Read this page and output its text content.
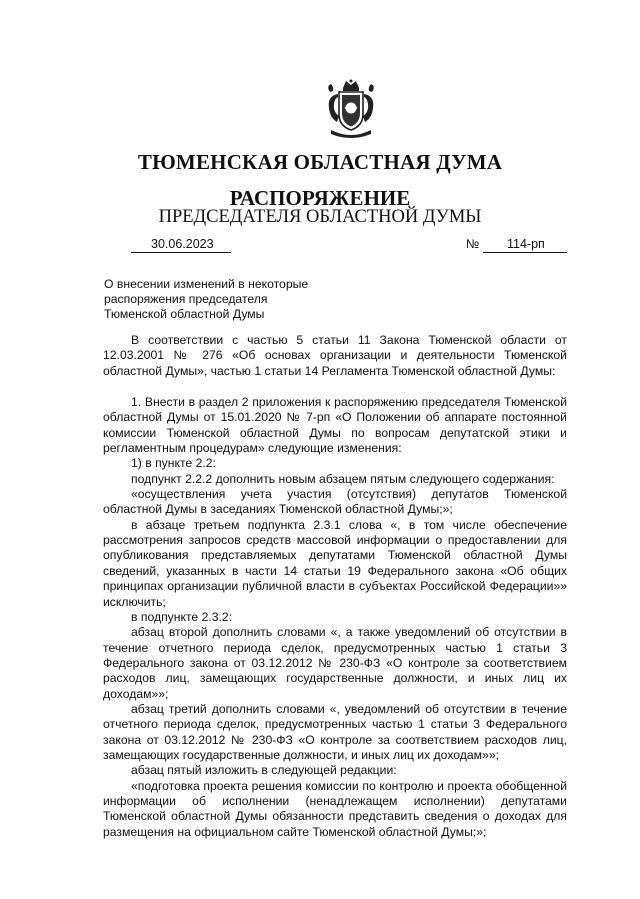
ТЮМЕНСКАЯ ОБЛАСТНАЯ ДУМА
РАСПОРЯЖЕНИЕ
ПРЕДСЕДАТЕЛЯ ОБЛАСТНОЙ ДУМЫ
30.06.2023	№	114-рп
О внесении изменений в некоторые
распоряжения председателя
Тюменской областной Думы
В соответствии с частью 5 статьи 11 Закона Тюменской области от 12.03.2001 № 276 «Об основах организации и деятельности Тюменской областной Думы», частью 1 статьи 14 Регламента Тюменской областной Думы:
1. Внести в раздел 2 приложения к распоряжению председателя Тюменской областной Думы от 15.01.2020 № 7-рп «О Положении об аппарате постоянной комиссии Тюменской областной Думы по вопросам депутатской этики и регламентным процедурам» следующие изменения:
1) в пункте 2.2:
подпункт 2.2.2 дополнить новым абзацем пятым следующего содержания:
«осуществления учета участия (отсутствия) депутатов Тюменской областной Думы в заседаниях Тюменской областной Думы;»;
в абзаце третьем подпункта 2.3.1 слова «, в том числе обеспечение рассмотрения запросов средств массовой информации о предоставлении для опубликования представляемых депутатами Тюменской областной Думы сведений, указанных в части 14 статьи 19 Федерального закона «Об общих принципах организации публичной власти в субъектах Российской Федерации»» исключить;
в подпункте 2.3.2:
абзац второй дополнить словами «, а также уведомлений об отсутствии в течение отчетного периода сделок, предусмотренных частью 1 статьи 3 Федерального закона от 03.12.2012 № 230-ФЗ «О контроле за соответствием расходов лиц, замещающих государственные должности, и иных лиц их доходам»»;
абзац третий дополнить словами «, уведомлений об отсутствии в течение отчетного периода сделок, предусмотренных частью 1 статьи 3 Федерального закона от 03.12.2012 № 230-ФЗ «О контроле за соответствием расходов лиц, замещающих государственные должности, и иных лиц их доходам»»;
абзац пятый изложить в следующей редакции:
«подготовка проекта решения комиссии по контролю и проекта обобщенной информации об исполнении (ненадлежащем исполнении) депутатами Тюменской областной Думы обязанности представить сведения о доходах для размещения на официальном сайте Тюменской областной Думы;»;
